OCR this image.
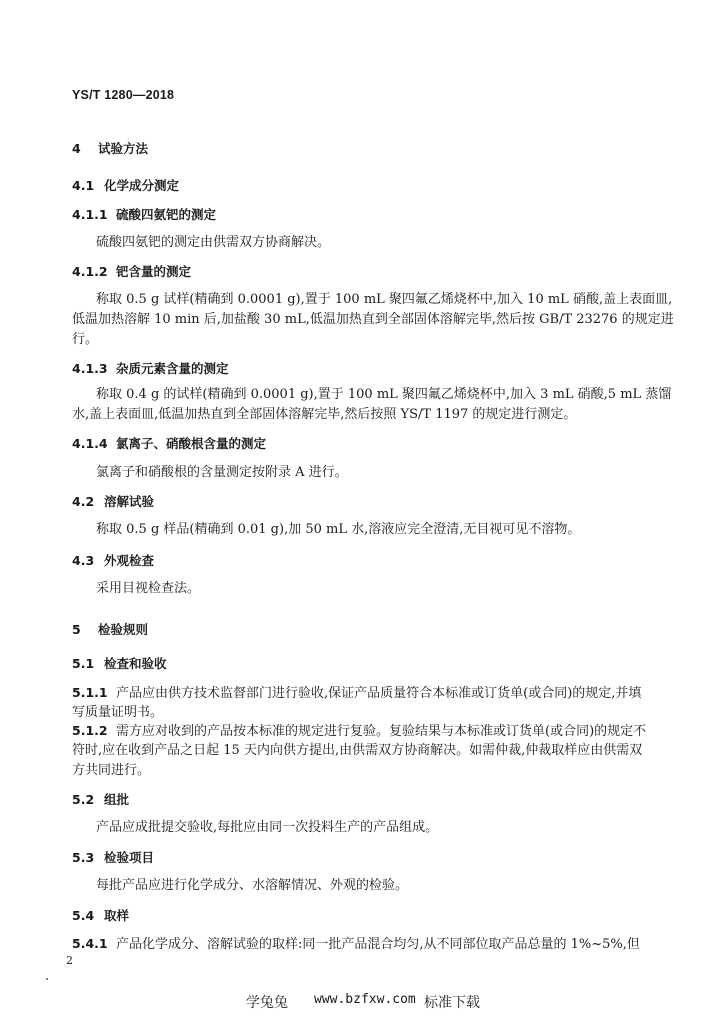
YS/T 1280—2018
4 试验方法
4.1 化学成分测定
4.1.1 硫酸四氨钯的测定
硫酸四氨钯的测定由供需双方协商解决。
4.1.2 钯含量的测定
称取 0.5 g 试样(精确到 0.0001 g),置于 100 mL 聚四氟乙烯烧杯中,加入 10 mL 硝酸,盖上表面皿,
低温加热溶解 10 min 后,加盐酸 30 mL,低温加热直到全部固体溶解完毕,然后按 GB/T 23276 的规定进
行。
4.1.3 杂质元素含量的测定
称取 0.4 g 的试样(精确到 0.0001 g),置于 100 mL 聚四氟乙烯烧杯中,加入 3 mL 硝酸,5 mL 蒸馏
水,盖上表面皿,低温加热直到全部固体溶解完毕,然后按照 YS/T 1197 的规定进行测定。
4.1.4 氯离子、硝酸根含量的测定
氯离子和硝酸根的含量测定按附录 A 进行。
4.2 溶解试验
称取 0.5 g 样品(精确到 0.01 g),加 50 mL 水,溶液应完全澄清,无目视可见不溶物。
4.3 外观检查
采用目视检查法。
5 检验规则
5.1 检查和验收
5.1.1 产品应由供方技术监督部门进行验收,保证产品质量符合本标准或订货单(或合同)的规定,并填
写质量证明书。
5.1.2 需方应对收到的产品按本标准的规定进行复验。复验结果与本标准或订货单(或合同)的规定不
符时,应在收到产品之日起 15 天内向供方提出,由供需双方协商解决。如需仲裁,仲裁取样应由供需双
方共同进行。
5.2 组批
产品应成批提交验收,每批应由同一次投料生产的产品组成。
5.3 检验项目
每批产品应进行化学成分、水溶解情况、外观的检验。
5.4 取样
5.4.1 产品化学成分、溶解试验的取样:同一批产品混合均匀,从不同部位取产品总量的 1%~5%,但
2
学兔兔 www.bzfxw.com 标准下载
